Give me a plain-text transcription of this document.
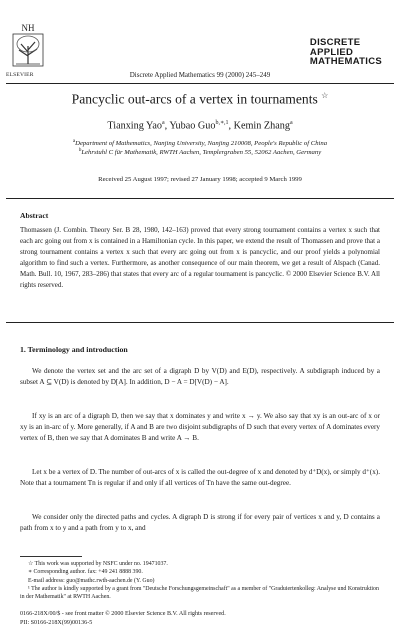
NH
ELSEVIER	Discrete Applied Mathematics 99 (2000) 245–249
DISCRETE
APPLIED
MATHEMATICS
Pancyclic out-arcs of a vertex in tournaments ☆
Tianxing Yao$^a$, Yubao Guo$^{b,∗,1}$, Kemin Zhang$^a$
$^a$Department of Mathematics, Nanjing University, Nanjing 210008, People's Republic of China
$^b$Lehrstuhl C für Mathematik, RWTH Aachen, Templergraben 55, 52062 Aachen, Germany
Received 25 August 1997; revised 27 January 1998; accepted 9 March 1999
Abstract
Thomassen (J. Combin. Theory Ser. B 28, 1980, 142–163) proved that every strong tournament contains a vertex x such that each arc going out from x is contained in a Hamiltonian cycle. In this paper, we extend the result of Thomassen and prove that a strong tournament contains a vertex x such that every arc going out from x is pancyclic, and our proof yields a polynomial algorithm to find such a vertex. Furthermore, as another consequence of our main theorem, we get a result of Alspach (Canad. Math. Bull. 10, 1967, 283–286) that states that every arc of a regular tournament is pancyclic. © 2000 Elsevier Science B.V. All rights reserved.
1. Terminology and introduction
We denote the vertex set and the arc set of a digraph D by V(D) and E(D), respectively. A subdigraph induced by a subset A ⊆ V(D) is denoted by D[A]. In addition, D − A = D[V(D) − A].
If xy is an arc of a digraph D, then we say that x dominates y and write x → y. We also say that xy is an out-arc of x or xy is an in-arc of y. More generally, if A and B are two disjoint subdigraphs of D such that every vertex of A dominates every vertex of B, then we say that A dominates B and write A → B.
Let x be a vertex of D. The number of out-arcs of x is called the out-degree of x and denoted by d⁺D(x), or simply d⁺(x). Note that a tournament Tn is regular if and only if all vertices of Tn have the same out-degree.
We consider only the directed paths and cycles. A digraph D is strong if for every pair of vertices x and y, D contains a path from x to y and a path from y to x, and
☆ This work was supported by NSFC under no. 19471037.
∗ Corresponding author. fax: +49 241 8888 390.
E-mail address: guo@mathc.rwth-aachen.de (Y. Guo)
¹ The author is kindly supported by a grant from "Deutsche Forschungsgemeinschaft" as a member of "Graduiertenkolleg: Analyse und Konstruktion in der Mathematik" at RWTH Aachen.
0166-218X/00/$ - see front matter © 2000 Elsevier Science B.V. All rights reserved.
PII: S0166-218X(99)00136-5
